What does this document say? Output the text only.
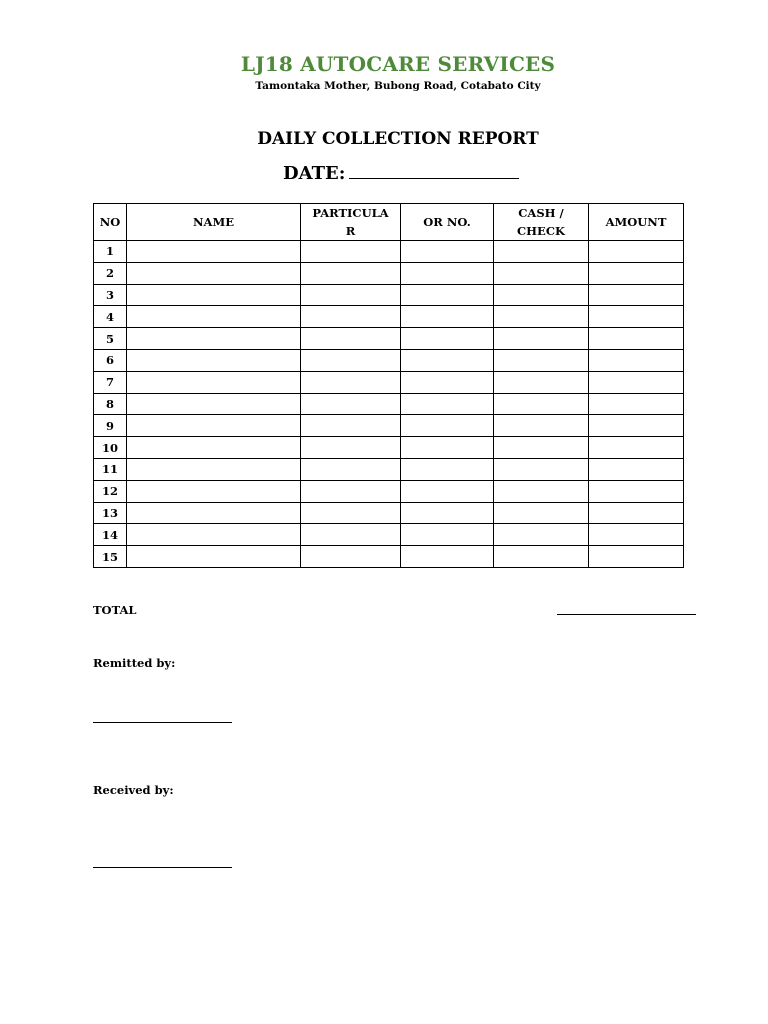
LJ18 AUTOCARE SERVICES
Tamontaka Mother, Bubong Road, Cotabato City
DAILY COLLECTION REPORT
DATE:
NO	NAME	PARTICULAR	OR NO.	CASH / CHECK	AMOUNT
1					
2					
3					
4					
5					
6					
7					
8					
9					
10					
11					
12					
13					
14					
15					
TOTAL
Remitted by:
Received by:
